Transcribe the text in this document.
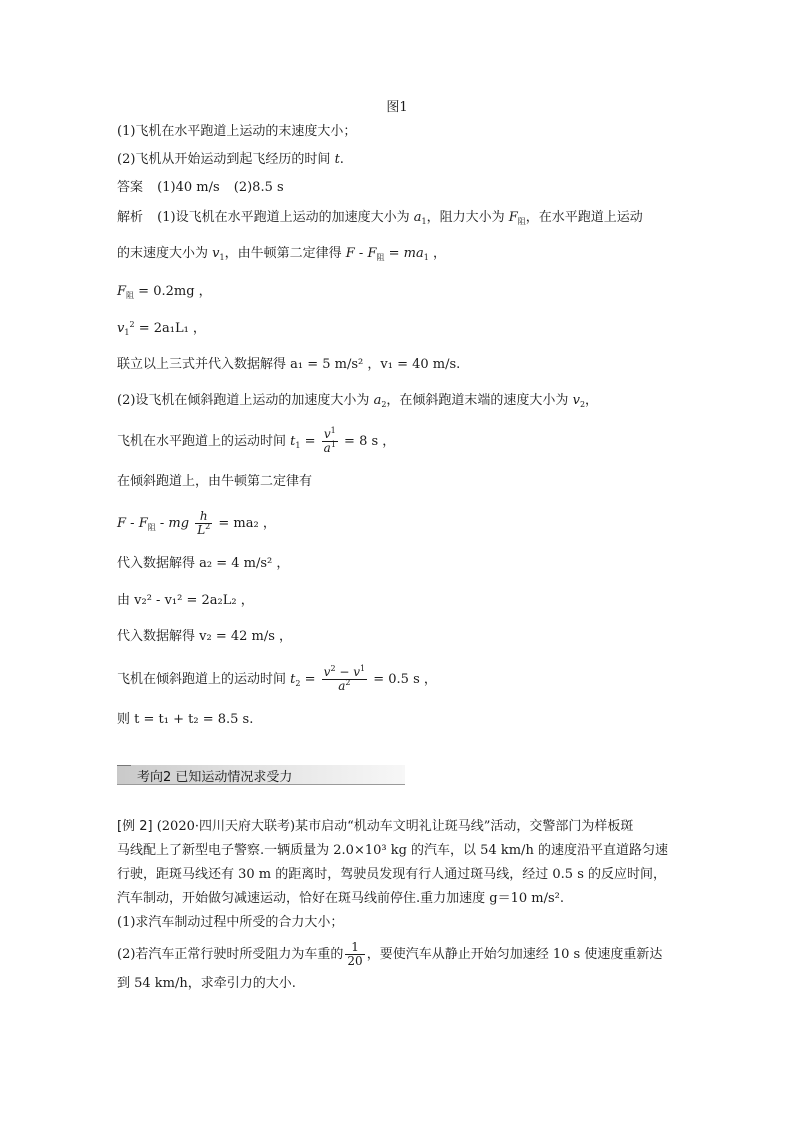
图1
(1)飞机在水平跑道上运动的末速度大小；
(2)飞机从开始运动到起飞经历的时间 t.
答案 (1)40 m/s (2)8.5 s
解析 (1)设飞机在水平跑道上运动的加速度大小为 $a_1$，阻力大小为 $F_阻$，在水平跑道上运动
的末速度大小为 $v_1$，由牛顿第二定律得 $F - F_阻 = ma_1$ ，
$F_阻 = 0.2mg$ ，
$v_1^2 = 2a_1L_1$ ，
联立以上三式并代入数据解得 a₁ = 5 m/s² ，v₁ = 40 m/s.
(2)设飞机在倾斜跑道上运动的加速度大小为 $a_2$，在倾斜跑道末端的速度大小为 $v_2$，
飞机在水平跑道上的运动时间 $t_1 = \frac{v^1}{a^1} = 8$ s ，
在倾斜跑道上，由牛顿第二定律有
F - $F_阻$ - mg $\frac{h}{L^2} = ma_2$ ，
代入数据解得 a₂ = 4 m/s² ，
由 v₂² - v₁² = 2a₂L₂ ，
代入数据解得 v₂ = 42 m/s ，
飞机在倾斜跑道上的运动时间 $t_2 = \frac{v^2 - v^1}{a^2} = 0.5$ s ，
则 t = t₁ + t₂ = 8.5 s.
考向2 已知运动情况求受力

[例 2] (2020·四川天府大联考)某市启动“机动车文明礼让斑马线”活动，交警部门为样板斑

马线配上了新型电子警察.一辆质量为 2.0×10³ kg 的汽车，以 54 km/h 的速度沿平直道路匀速

行驶，距斑马线还有 30 m 的距离时，驾驶员发现有行人通过斑马线，经过 0.5 s 的反应时间，

汽车制动，开始做匀减速运动，恰好在斑马线前停住.重力加速度 g＝10 m/s².

(1)求汽车制动过程中所受的合力大小；

(2)若汽车正常行驶时所受阻力为车重的 $\frac{1}{20}$ ，要使汽车从静止开始匀加速经 10 s 使速度重新达

到 54 km/h，求牵引力的大小.
